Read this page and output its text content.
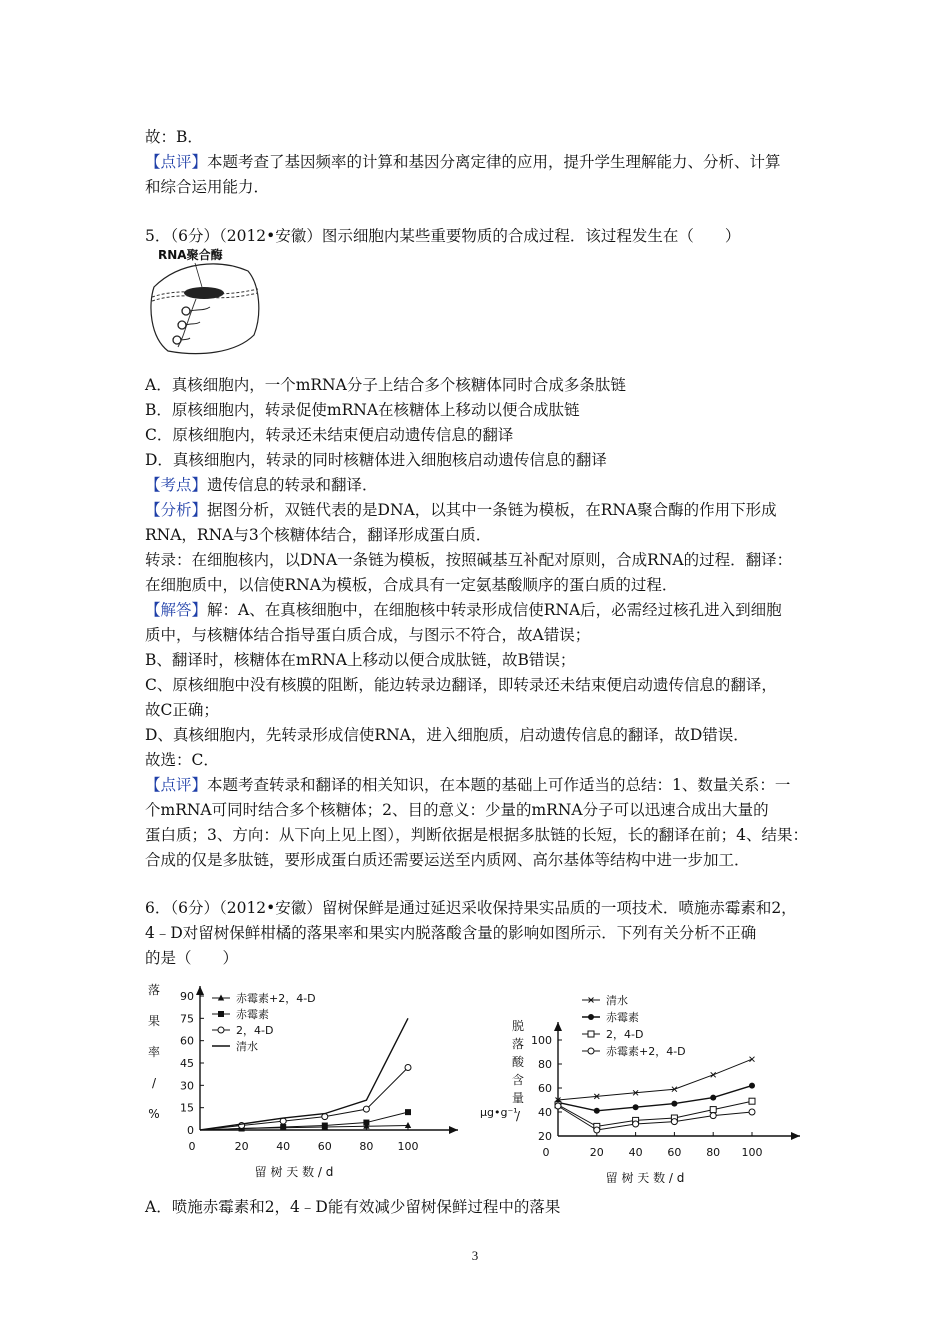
故：B．
【点评】本题考查了基因频率的计算和基因分离定律的应用，提升学生理解能力、分析、计算
和综合运用能力．
5．（6分）（2012•安徽）图示细胞内某些重要物质的合成过程．该过程发生在（　　）
RNA聚合酶
A．真核细胞内，一个mRNA分子上结合多个核糖体同时合成多条肽链
B．原核细胞内，转录促使mRNA在核糖体上移动以便合成肽链
C．原核细胞内，转录还未结束便启动遗传信息的翻译
D．真核细胞内，转录的同时核糖体进入细胞核启动遗传信息的翻译
【考点】遗传信息的转录和翻译．
【分析】据图分析，双链代表的是DNA，以其中一条链为模板，在RNA聚合酶的作用下形成
RNA，RNA与3个核糖体结合，翻译形成蛋白质．
转录：在细胞核内，以DNA一条链为模板，按照碱基互补配对原则，合成RNA的过程．翻译：
在细胞质中，以信使RNA为模板，合成具有一定氨基酸顺序的蛋白质的过程．
【解答】解：A、在真核细胞中，在细胞核中转录形成信使RNA后，必需经过核孔进入到细胞
质中，与核糖体结合指导蛋白质合成，与图示不符合，故A错误；
B、翻译时，核糖体在mRNA上移动以便合成肽链，故B错误；
C、原核细胞中没有核膜的阻断，能边转录边翻译，即转录还未结束便启动遗传信息的翻译，
故C正确；
D、真核细胞内，先转录形成信使RNA，进入细胞质，启动遗传信息的翻译，故D错误．
故选：C．
【点评】本题考查转录和翻译的相关知识，在本题的基础上可作适当的总结：1、数量关系：一
个mRNA可同时结合多个核糖体；2、目的意义：少量的mRNA分子可以迅速合成出大量的
蛋白质；3、方向：从下向上见上图），判断依据是根据多肽链的长短，长的翻译在前；4、结果：
合成的仅是多肽链，要形成蛋白质还需要运送至内质网、高尔基体等结构中进一步加工．
6．（6分）（2012•安徽）留树保鲜是通过延迟采收保持果实品质的一项技术．喷施赤霉素和2，
4﹣D对留树保鲜柑橘的落果率和果实内脱落酸含量的影响如图所示．下列有关分析不正确
的是（　　）
0
15
30
45
60
75
90
0	20	40	60	80 100
留 树 天 数 / d
落
果
率
/
%
赤霉素+2，4-D
赤霉素
2，4-D
清水
20
40
60
80
100
0	20 40 60 80 100
留 树 天 数 / d
脱
落
酸
含
量
/
清水
赤霉素
2，4-D
赤霉素+2，4-D
μg•g⁻¹
A．喷施赤霉素和2，4﹣D能有效减少留树保鲜过程中的落果
3
